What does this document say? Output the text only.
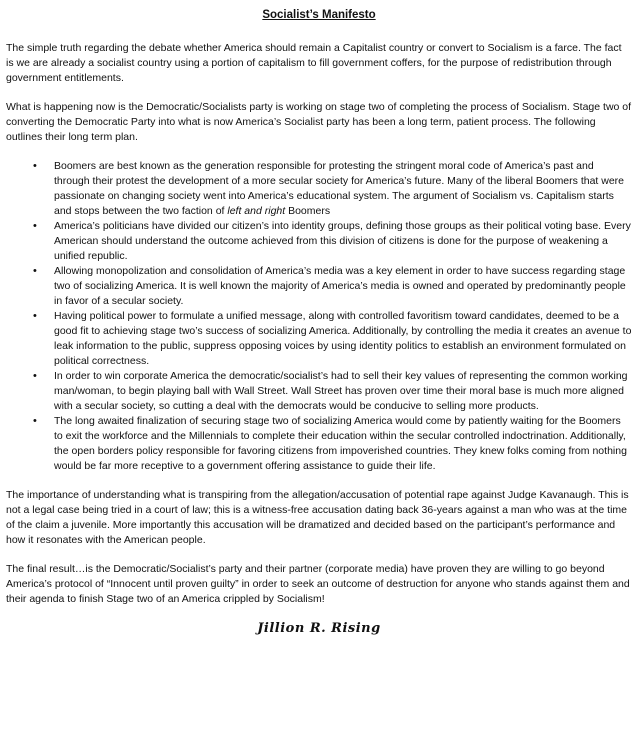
Socialist’s Manifesto

The simple truth regarding the debate whether America should remain a Capitalist country or convert to Socialism is a farce. The fact is we are already a socialist country using a portion of capitalism to fill government coffers, for the purpose of redistribution through government entitlements.

What is happening now is the Democratic/Socialists party is working on stage two of completing the process of Socialism. Stage two of converting the Democratic Party into what is now America’s Socialist party has been a long term, patient process. The following outlines their long term plan.

• Boomers are best known as the generation responsible for protesting the stringent moral code of America’s past and through their protest the development of a more secular society for America’s future. Many of the liberal Boomers that were passionate on changing society went into America’s educational system. The argument of Socialism vs. Capitalism starts and stops between the two faction of left and right Boomers
• America’s politicians have divided our citizen’s into identity groups, defining those groups as their political voting base. Every American should understand the outcome achieved from this division of citizens is done for the purpose of weakening a unified republic.
• Allowing monopolization and consolidation of America’s media was a key element in order to have success regarding stage two of socializing America. It is well known the majority of America’s media is owned and operated by predominantly people in favor of a secular society.
• Having political power to formulate a unified message, along with controlled favoritism toward candidates, deemed to be a good fit to achieving stage two’s success of socializing America. Additionally, by controlling the media it creates an avenue to leak information to the public, suppress opposing voices by using identity politics to establish an environment formulated on political correctness.
• In order to win corporate America the democratic/socialist’s had to sell their key values of representing the common working man/woman, to begin playing ball with Wall Street. Wall Street has proven over time their moral base is much more aligned with a secular society, so cutting a deal with the democrats would be conducive to selling more products.
• The long awaited finalization of securing stage two of socializing America would come by patiently waiting for the Boomers to exit the workforce and the Millennials to complete their education within the secular controlled indoctrination. Additionally, the open borders policy responsible for favoring citizens from impoverished countries. They knew folks coming from nothing would be far more receptive to a government offering assistance to guide their life.

The importance of understanding what is transpiring from the allegation/accusation of potential rape against Judge Kavanaugh. This is not a legal case being tried in a court of law; this is a witness-free accusation dating back 36-years against a man who was at the time of the claim a juvenile. More importantly this accusation will be dramatized and decided based on the participant’s performance and how it resonates with the American people.

The final result…is the Democratic/Socialist’s party and their partner (corporate media) have proven they are willing to go beyond America’s protocol of “Innocent until proven guilty” in order to seek an outcome of destruction for anyone who stands against them and their agenda to finish Stage two of an America crippled by Socialism!

Jillion R. Rising
